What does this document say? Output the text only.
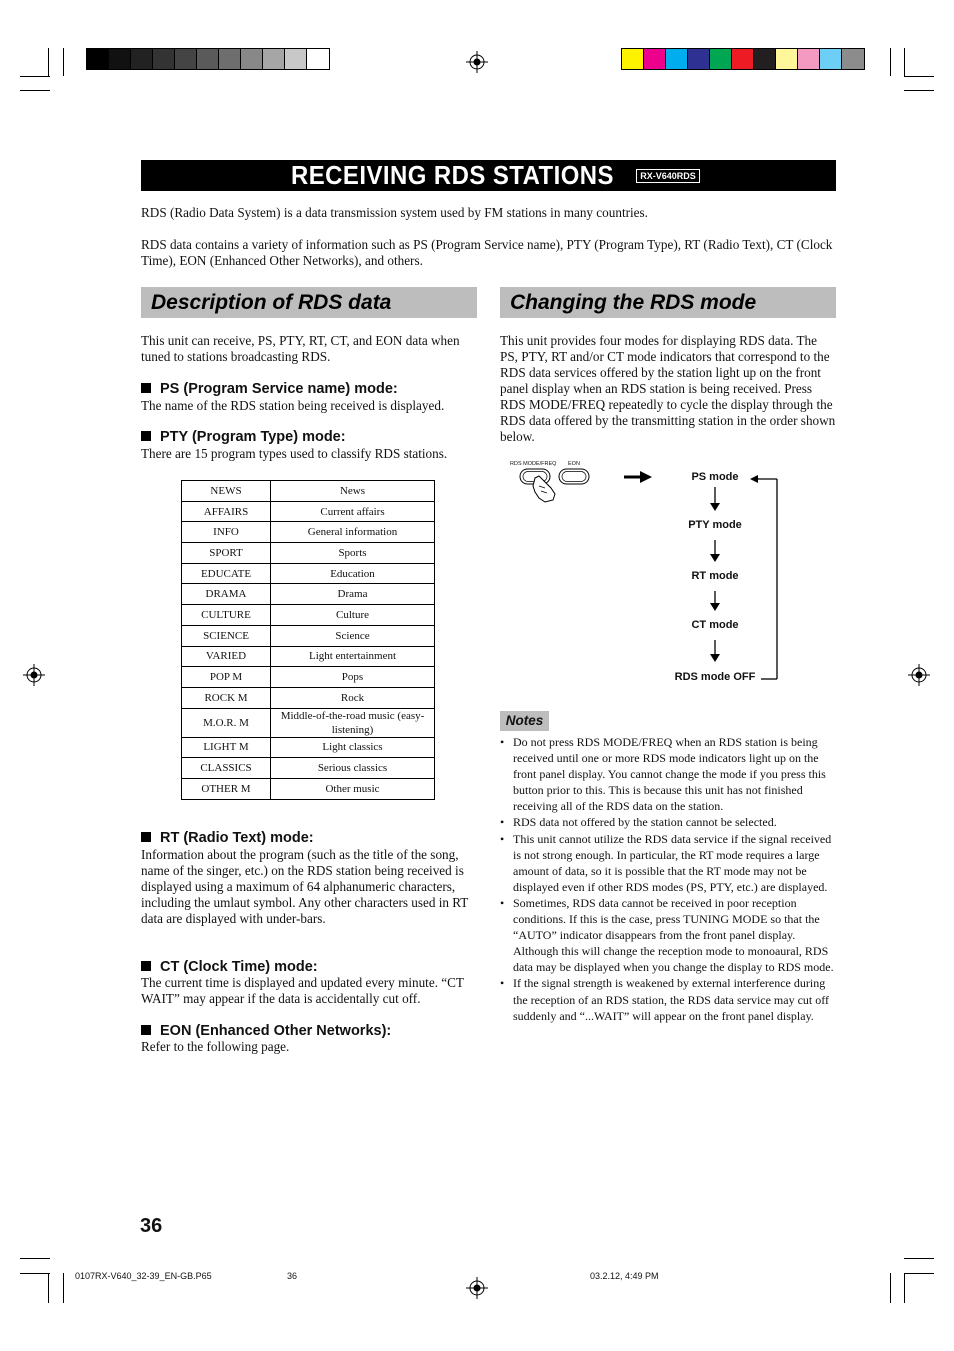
RECEIVING RDS STATIONS	RX-V640RDS
RDS (Radio Data System) is a data transmission system used by FM stations in many countries.
RDS data contains a variety of information such as PS (Program Service name), PTY (Program Type), RT (Radio Text), CT (Clock Time), EON (Enhanced Other Networks), and others.
Description of RDS data
This unit can receive, PS, PTY, RT, CT, and EON data when tuned to stations broadcasting RDS.
PS (Program Service name) mode:
The name of the RDS station being received is displayed.
PTY (Program Type) mode:
There are 15 program types used to classify RDS stations.
NEWS	News
AFFAIRS	Current affairs
INFO	General information
SPORT	Sports
EDUCATE	Education
DRAMA	Drama
CULTURE	Culture
SCIENCE	Science
VARIED	Light entertainment
POP M	Pops
ROCK M	Rock
M.O.R. M	Middle-of-the-road music (easy-listening)
LIGHT M	Light classics
CLASSICS	Serious classics
OTHER M	Other music
RT (Radio Text) mode:
Information about the program (such as the title of the song, name of the singer, etc.) on the RDS station being received is displayed using a maximum of 64 alphanumeric characters, including the umlaut symbol. Any other characters used in RT data are displayed with under-bars.
CT (Clock Time) mode:
The current time is displayed and updated every minute. “CT WAIT” may appear if the data is accidentally cut off.
EON (Enhanced Other Networks):
Refer to the following page.
Changing the RDS mode
This unit provides four modes for displaying RDS data. The PS, PTY, RT and/or CT mode indicators that correspond to the RDS data services offered by the station light up on the front panel display when an RDS station is being received. Press RDS MODE/FREQ repeatedly to cycle the display through the RDS data offered by the transmitting station in the order shown below.
RDS MODE/FREQ EON
PS mode
PTY mode
RT mode
CT mode
RDS mode OFF
Notes
• Do not press RDS MODE/FREQ when an RDS station is being received until one or more RDS mode indicators light up on the front panel display. You cannot change the mode if you press this button prior to this. This is because this unit has not finished receiving all of the RDS data on the station.
• RDS data not offered by the station cannot be selected.
• This unit cannot utilize the RDS data service if the signal received is not strong enough. In particular, the RT mode requires a large amount of data, so it is possible that the RT mode may not be displayed even if other RDS modes (PS, PTY, etc.) are displayed.
• Sometimes, RDS data cannot be received in poor reception conditions. If this is the case, press TUNING MODE so that the “AUTO” indicator disappears from the front panel display. Although this will change the reception mode to monoaural, RDS data may be displayed when you change the display to RDS mode.
• If the signal strength is weakened by external interference during the reception of an RDS station, the RDS data service may cut off suddenly and “...WAIT” will appear on the front panel display.
36
0107RX-V640_32-39_EN-GB.P65	36	03.2.12, 4:49 PM
